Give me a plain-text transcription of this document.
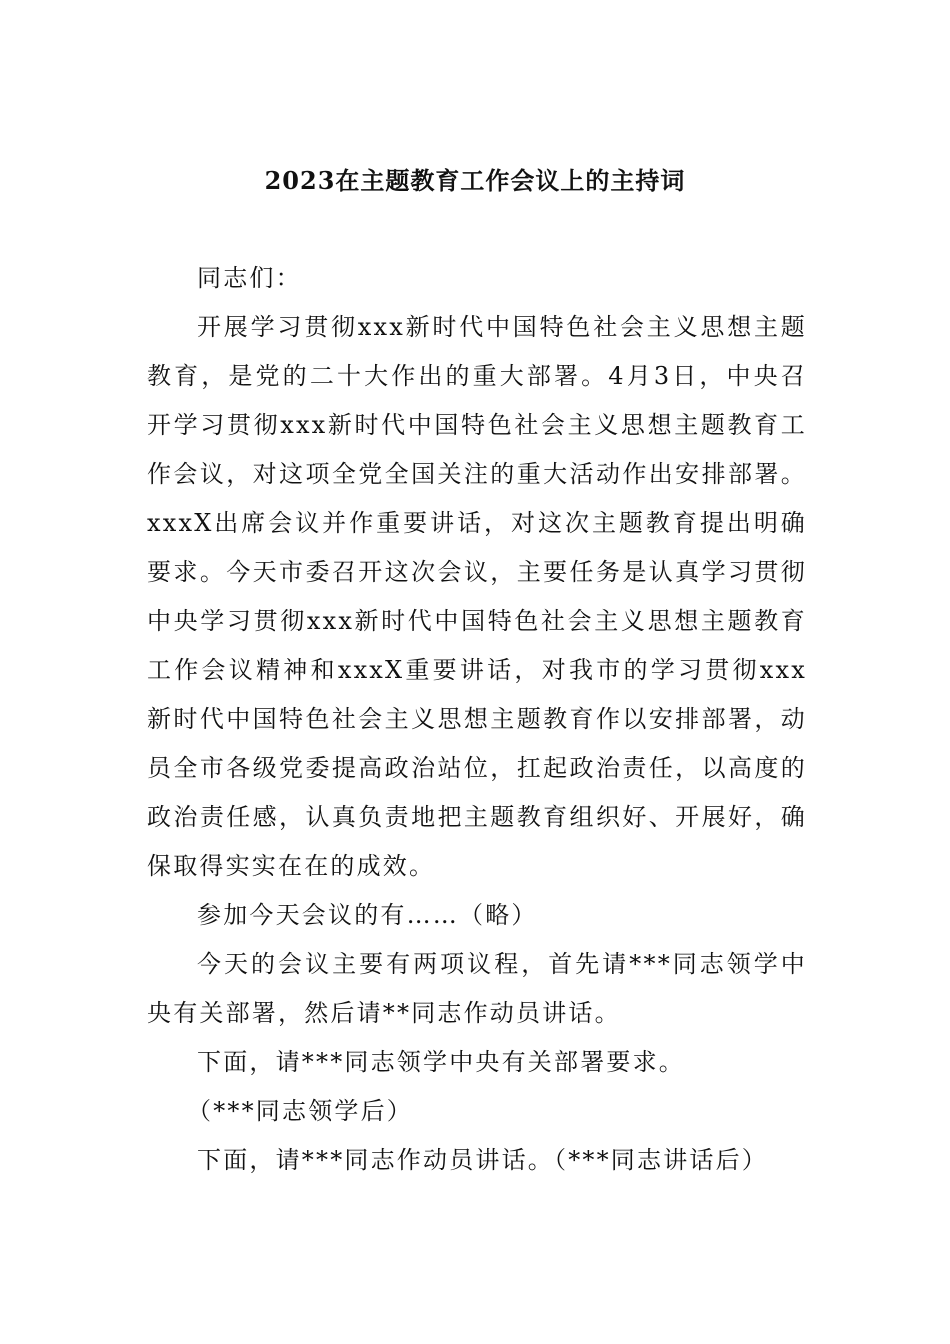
2023在主题教育工作会议上的主持词

同志们：

开展学习贯彻xxx新时代中国特色社会主义思想主题教育，是党的二十大作出的重大部署。4月3日，中央召开学习贯彻xxx新时代中国特色社会主义思想主题教育工作会议，对这项全党全国关注的重大活动作出安排部署。xxxX出席会议并作重要讲话，对这次主题教育提出明确要求。今天市委召开这次会议，主要任务是认真学习贯彻中央学习贯彻xxx新时代中国特色社会主义思想主题教育工作会议精神和xxxX重要讲话，对我市的学习贯彻xxx新时代中国特色社会主义思想主题教育作以安排部署，动员全市各级党委提高政治站位，扛起政治责任，以高度的政治责任感，认真负责地把主题教育组织好、开展好，确保取得实实在在的成效。

参加今天会议的有……（略）

今天的会议主要有两项议程，首先请***同志领学中央有关部署，然后请**同志作动员讲话。

下面，请***同志领学中央有关部署要求。

（***同志领学后）

下面，请***同志作动员讲话。（***同志讲话后）
